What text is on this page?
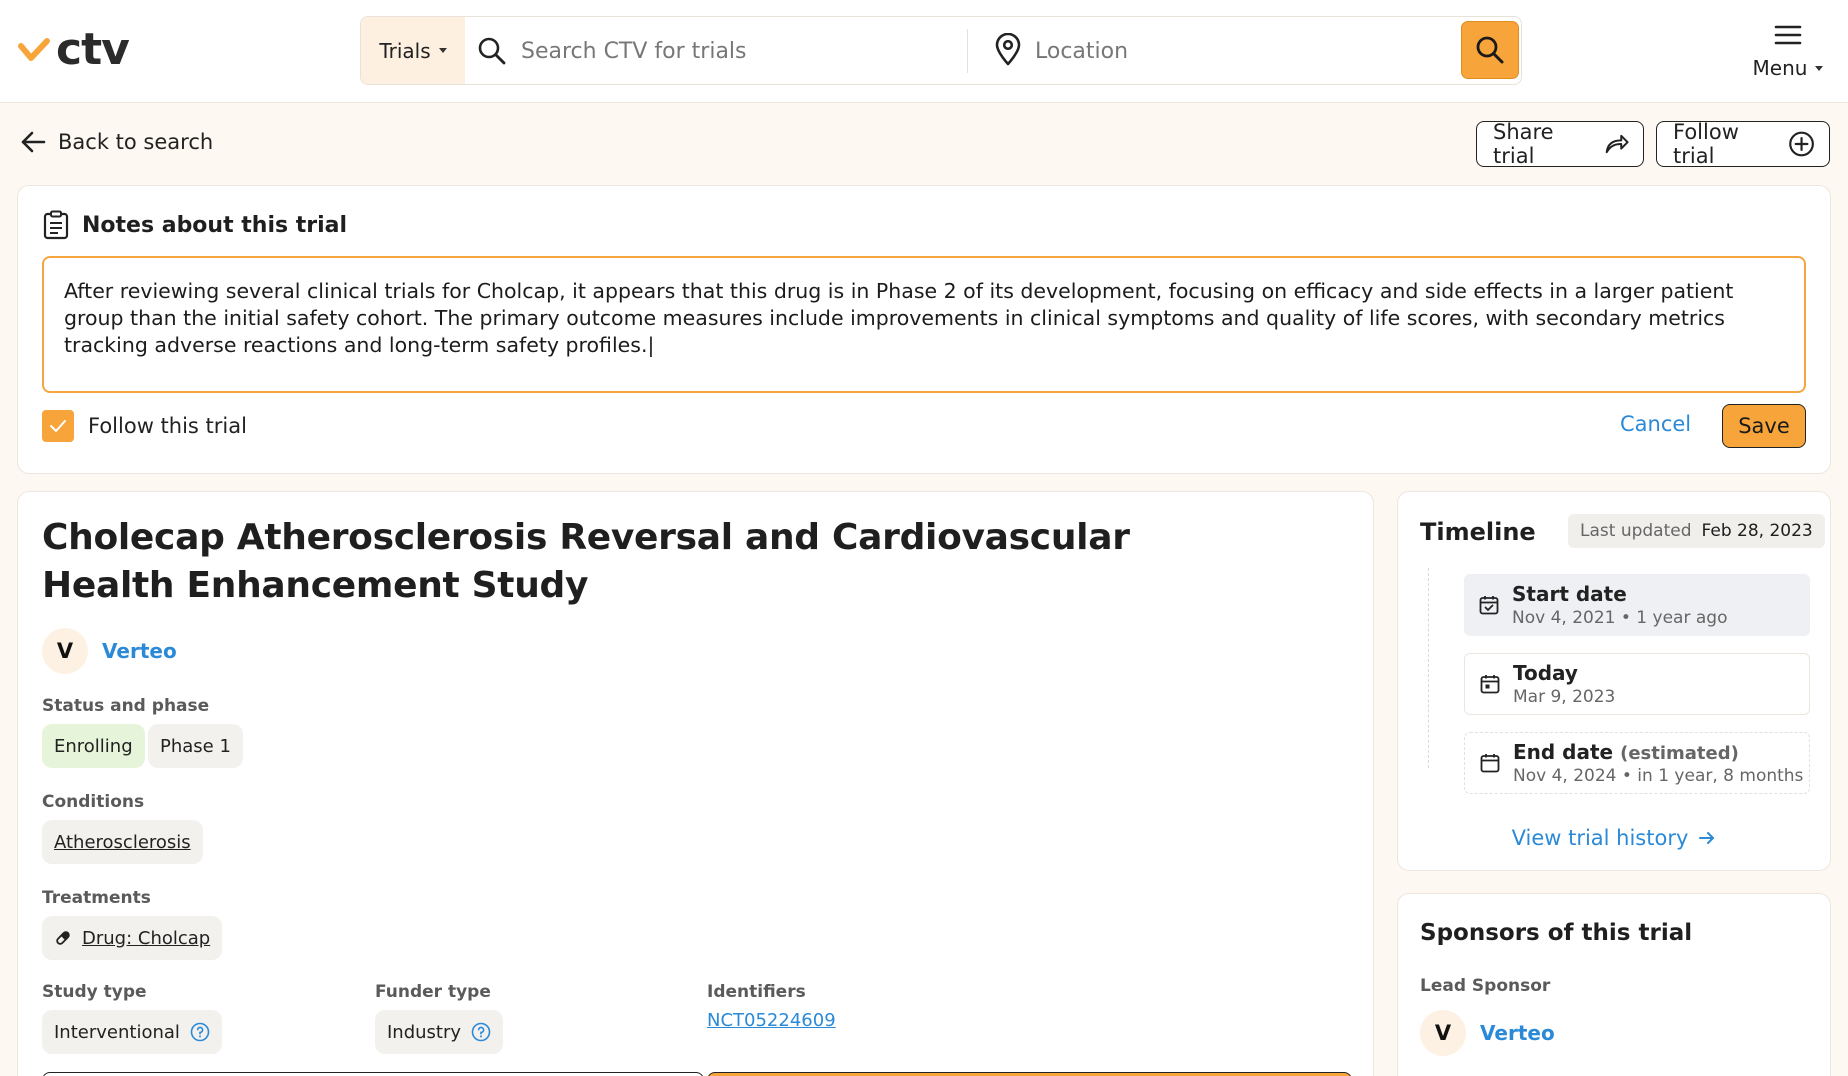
ctv	Trials
Search CTV for trials
Location

Menu
Back to search	Share trial
Follow trial
Notes about this trial
After reviewing several clinical trials for Cholcap, it appears that this drug is in Phase 2 of its development, focusing on efficacy and side effects in a larger patient group than the initial safety cohort. The primary outcome measures include improvements in clinical symptoms and quality of life scores, with secondary metrics tracking adverse reactions and long-term safety profiles.|
Follow this trial	Cancel	Save
Cholecap Atherosclerosis Reversal and Cardiovascular Health Enhancement Study
V	Verteo
Status and phase
Enrolling	Phase 1
Conditions
Atherosclerosis
Treatments
Drug: Cholcap
Study type
Interventional
Funder type
Industry
Identifiers
NCT05224609
Timeline	Last updated Feb 28, 2023
Start date
Nov 4, 2021 • 1 year ago
Today
Mar 9, 2023
End date (estimated)
Nov 4, 2024 • in 1 year, 8 months
View trial history
Sponsors of this trial
Lead Sponsor
V	Verteo
